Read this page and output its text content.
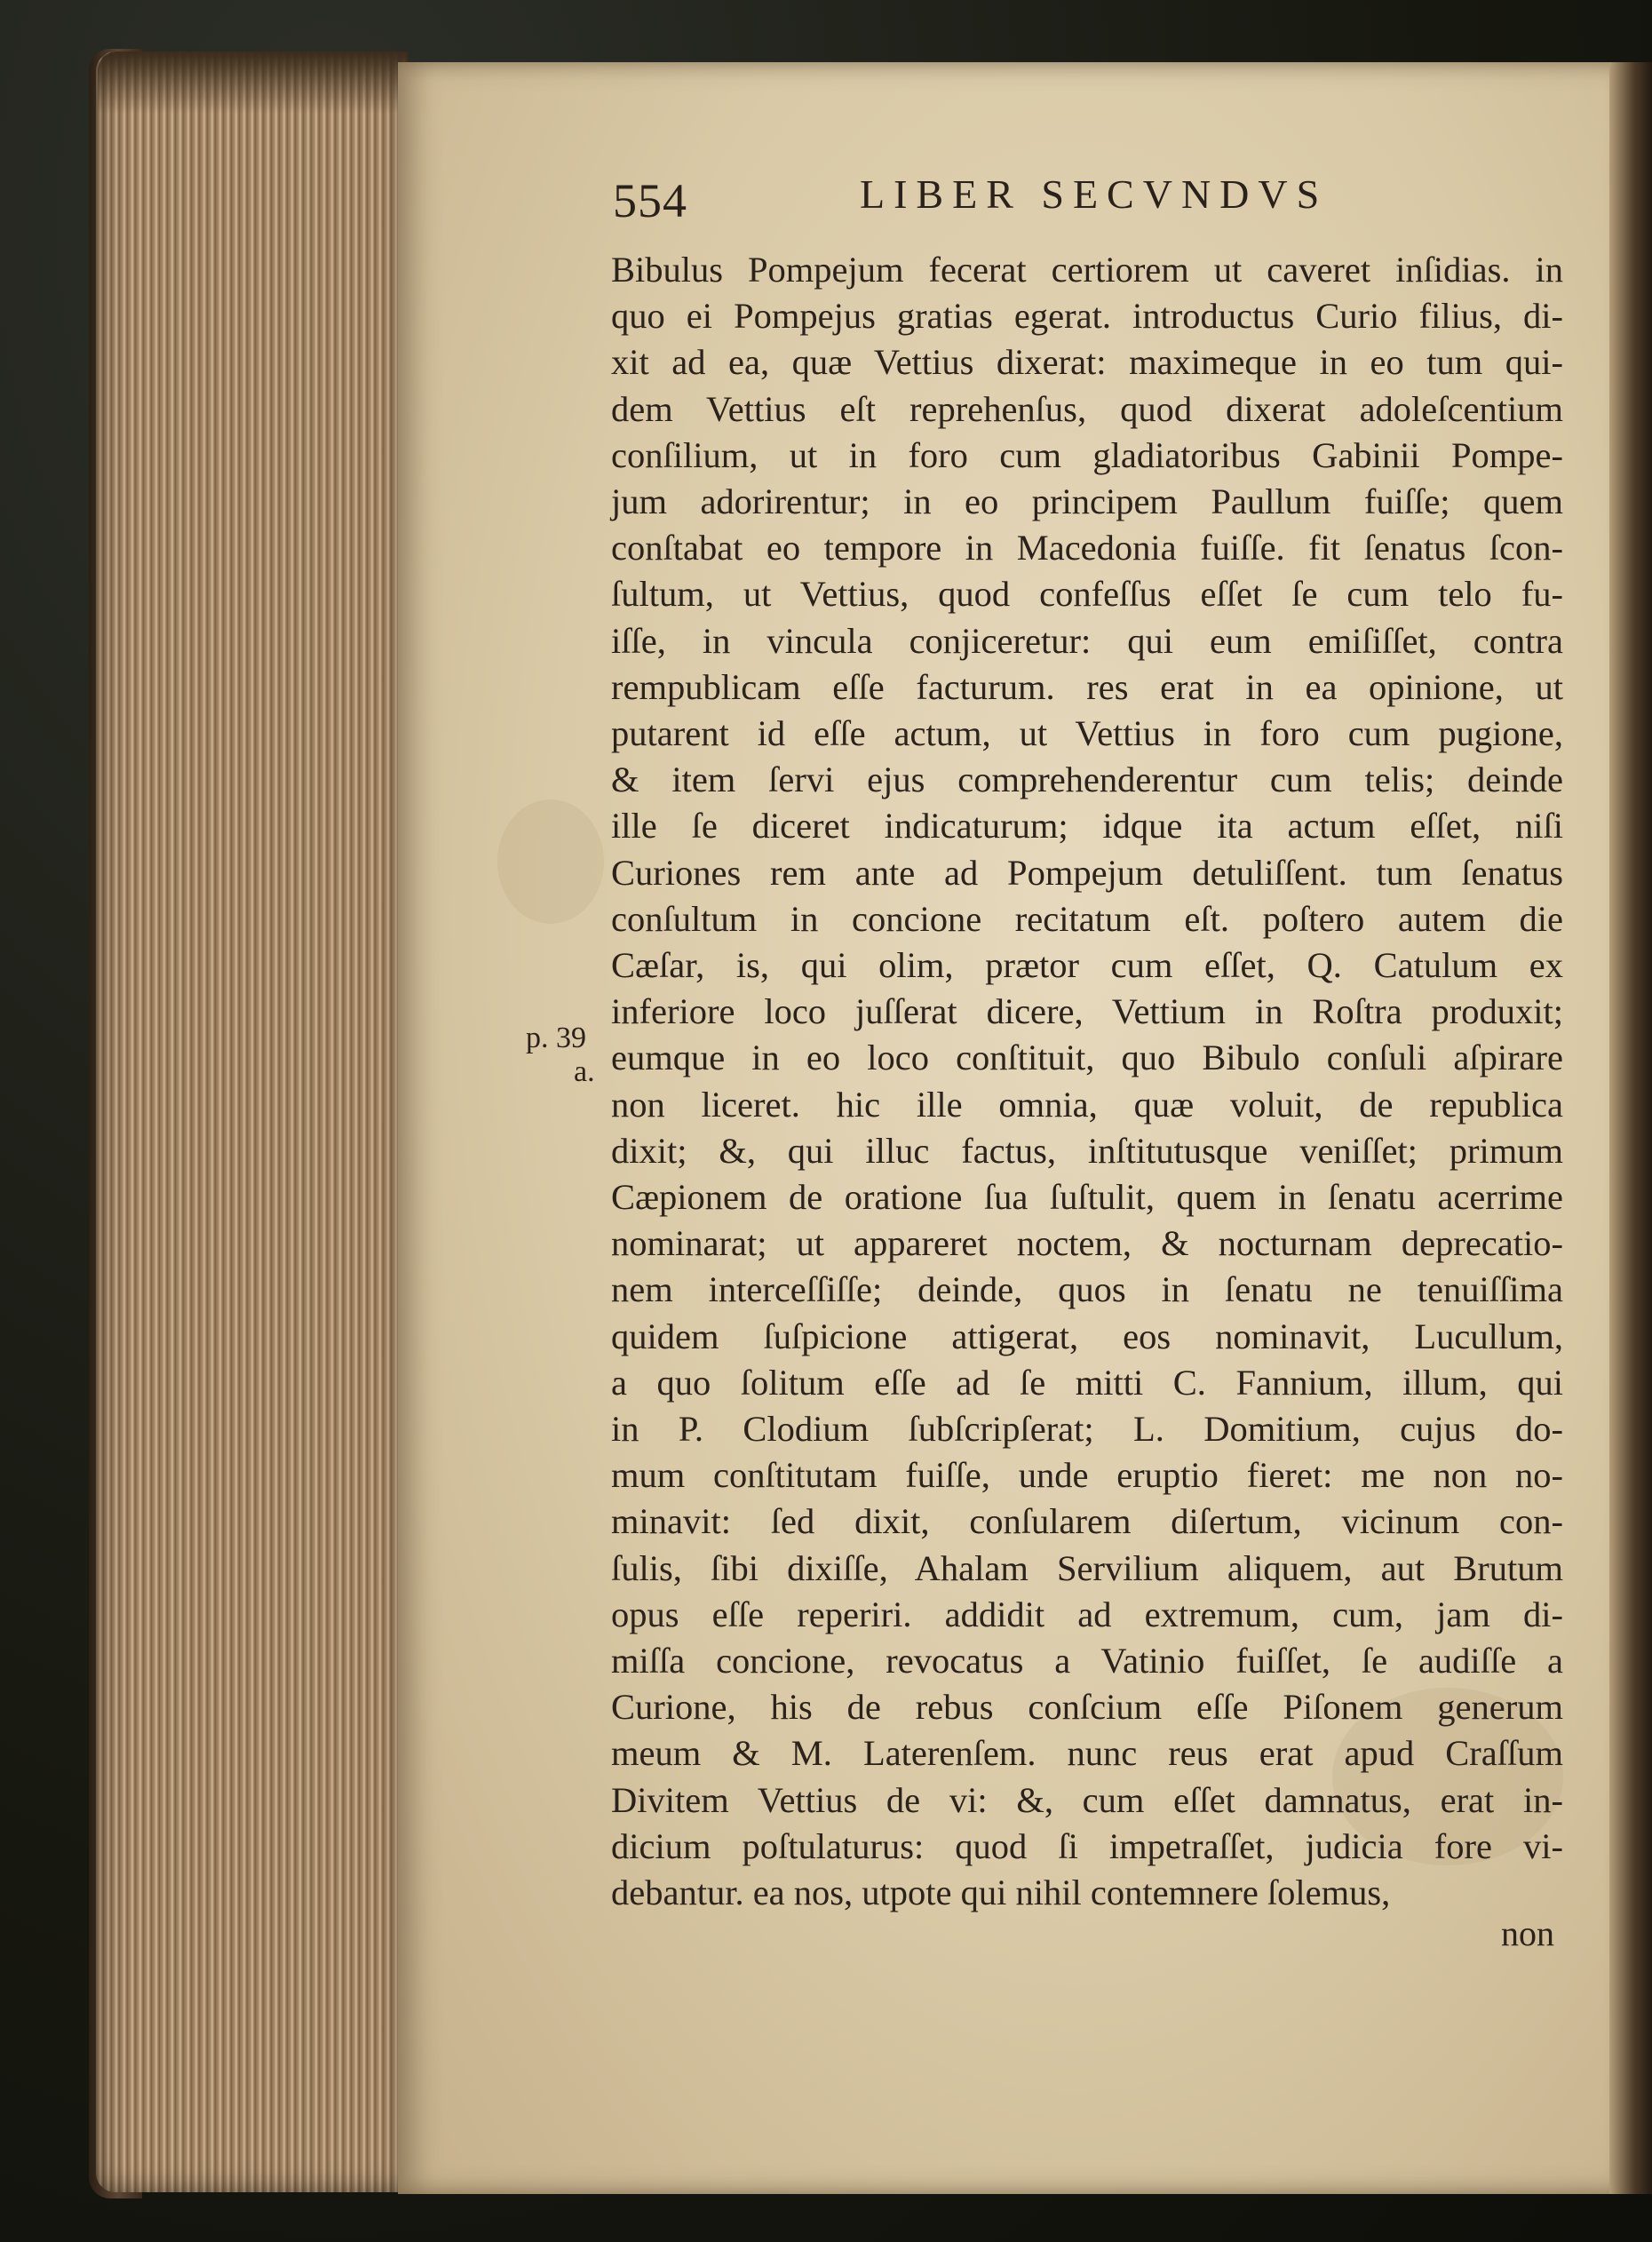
554	LIBER SECVNDVS
p. 39
a.
Bibulus Pompejum fecerat certiorem ut caveret inſidias. in
quo ei Pompejus gratias egerat. introductus Curio filius, di-
xit ad ea, quæ Vettius dixerat: maximeque in eo tum qui-
dem Vettius eſt reprehenſus, quod dixerat adoleſcentium
conſilium, ut in foro cum gladiatoribus Gabinii Pompe-
jum adorirentur; in eo principem Paullum fuiſſe; quem
conſtabat eo tempore in Macedonia fuiſſe. fit ſenatus ſcon-
ſultum, ut Vettius, quod confeſſus eſſet ſe cum telo fu-
iſſe, in vincula conjiceretur: qui eum emiſiſſet, contra
rempublicam eſſe facturum. res erat in ea opinione, ut
putarent id eſſe actum, ut Vettius in foro cum pugione,
& item ſervi ejus comprehenderentur cum telis; deinde
ille ſe diceret indicaturum; idque ita actum eſſet, niſi
Curiones rem ante ad Pompejum detuliſſent. tum ſenatus
conſultum in concione recitatum eſt. poſtero autem die
Cæſar, is, qui olim, prætor cum eſſet, Q. Catulum ex
inferiore loco juſſerat dicere, Vettium in Roſtra produxit;
eumque in eo loco conſtituit, quo Bibulo conſuli aſpirare
non liceret. hic ille omnia, quæ voluit, de republica
dixit; &, qui illuc factus, inſtitutusque veniſſet; primum
Cæpionem de oratione ſua ſuſtulit, quem in ſenatu acerrime
nominarat; ut appareret noctem, & nocturnam deprecatio-
nem interceſſiſſe; deinde, quos in ſenatu ne tenuiſſima
quidem ſuſpicione attigerat, eos nominavit, Lucullum,
a quo ſolitum eſſe ad ſe mitti C. Fannium, illum, qui
in P. Clodium ſubſcripſerat; L. Domitium, cujus do-
mum conſtitutam fuiſſe, unde eruptio fieret: me non no-
minavit: ſed dixit, conſularem diſertum, vicinum con-
ſulis, ſibi dixiſſe, Ahalam Servilium aliquem, aut Brutum
opus eſſe reperiri. addidit ad extremum, cum, jam di-
miſſa concione, revocatus a Vatinio fuiſſet, ſe audiſſe a
Curione, his de rebus conſcium eſſe Piſonem generum
meum & M. Laterenſem. nunc reus erat apud Craſſum
Divitem Vettius de vi: &, cum eſſet damnatus, erat in-
dicium poſtulaturus: quod ſi impetraſſet, judicia fore vi-
debantur. ea nos, utpote qui nihil contemnere ſolemus,
non
